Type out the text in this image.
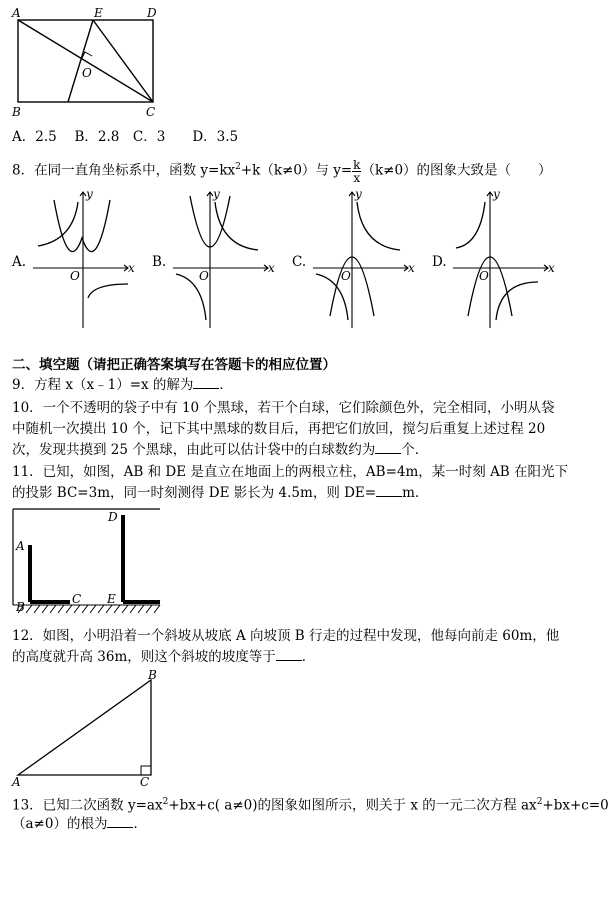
A	E	D
O
B	C
A．2.5　 B．2.8　C．3　　D．3.5
8．在同一直角坐标系中，函数 $y=kx^2+k(k\ne 0)$与 $y= \frac{k}{x} (k\ne 0)$的图象大致是（　　）
A.	x
y
O
B.	x
y
O
C.	x
y
O
D.	x
y
O
二、填空题（请把正确答案填写在答题卡的相应位置）
9．方程 x（x﹣1）=x 的解为 ．
10．一个不透明的袋子中有 10 个黑球，若干个白球，它们除颜色外，完全相同，小明从袋
中随机一次摸出 10 个，记下其中黑球的数目后，再把它们放回，搅匀后重复上述过程 20
次，发现共摸到 25 个黑球，由此可以估计袋中的白球数约为 个．
11．已知，如图，AB 和 DE 是直立在地面上的两根立柱，AB=4m，某一时刻 AB 在阳光下
的投影 BC=3m，同一时刻测得 DE 影长为 4.5m，则 DE= m．
D
A
B
C E
12．如图，小明沿着一个斜坡从坡底 A 向坡顶 B 行走的过程中发现，他每向前走 60m，他
的高度就升高 36m，则这个斜坡的坡度等于 ．
B
A	C
13．已知二次函数 $y=ax^2+bx+c$( a≠0)的图象如图所示，则关于 x 的一元二次方程 $ax^2+bx+c=0$
（a≠0）的根为 ．
